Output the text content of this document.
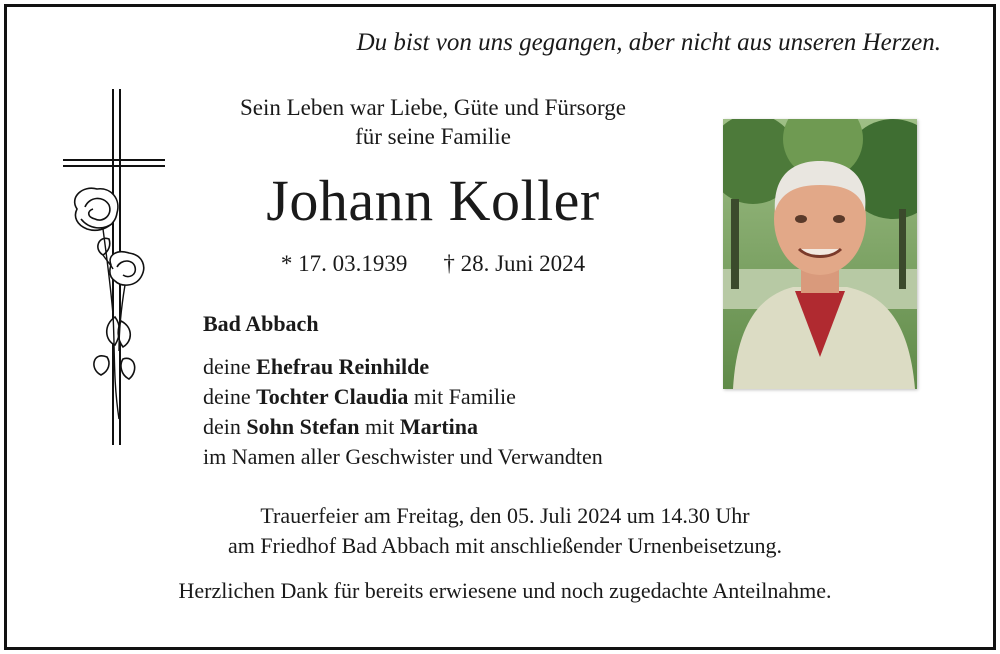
Du bist von uns gegangen, aber nicht aus unseren Herzen.
Sein Leben war Liebe, Güte und Fürsorge
für seine Familie
Johann Koller
* 17. 03.1939 † 28. Juni 2024
Bad Abbach
deine Ehefrau Reinhilde
deine Tochter Claudia mit Familie
dein Sohn Stefan mit Martina
im Namen aller Geschwister und Verwandten
Trauerfeier am Freitag, den 05. Juli 2024 um 14.30 Uhr
am Friedhof Bad Abbach mit anschließender Urnenbeisetzung.
Herzlichen Dank für bereits erwiesene und noch zugedachte Anteilnahme.
